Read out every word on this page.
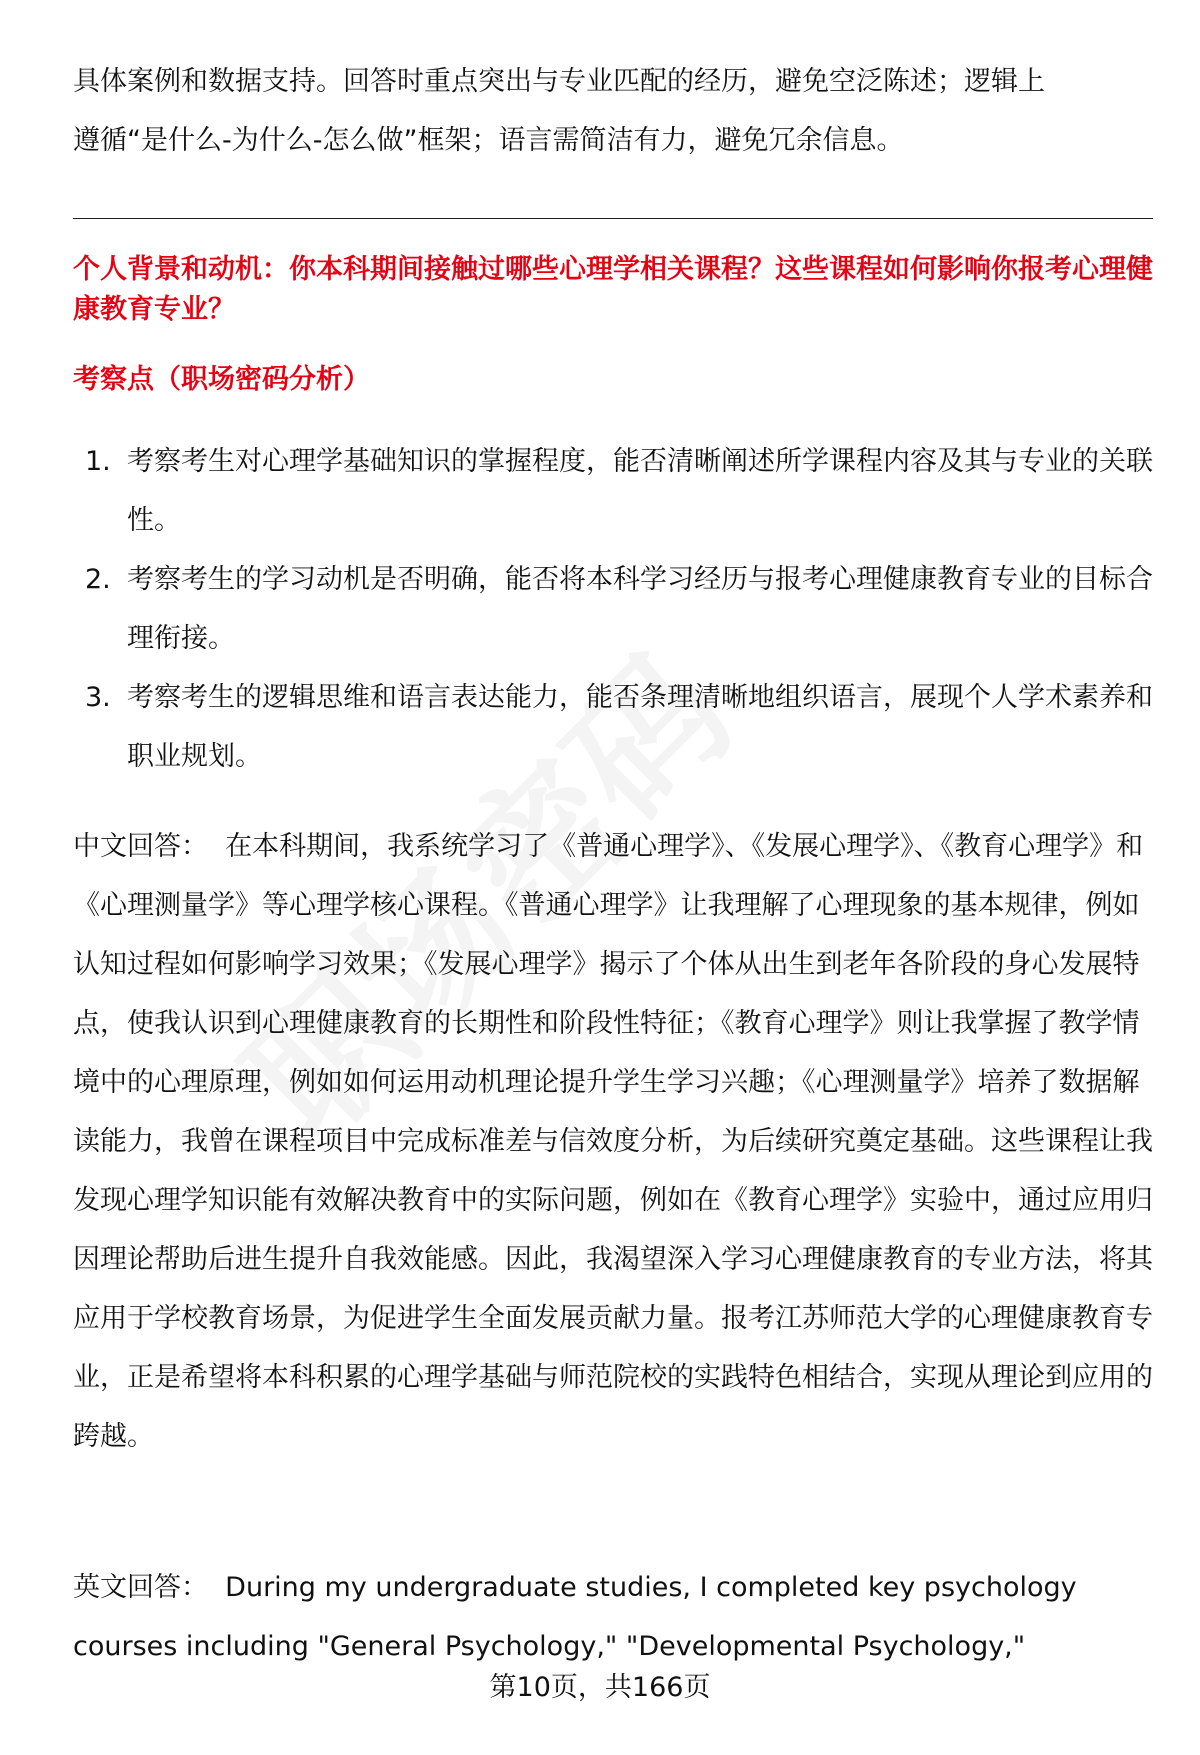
具体案例和数据支持。回答时重点突出与专业匹配的经历，避免空泛陈述；逻辑上
遵循“是什么-为什么-怎么做”框架；语言需简洁有力，避免冗余信息。
个人背景和动机：你本科期间接触过哪些心理学相关课程？这些课程如何影响你报考心理健康教育专业？
考察点（职场密码分析）
1. 考察考生对心理学基础知识的掌握程度，能否清晰阐述所学课程内容及其与专业的关联性。
2. 考察考生的学习动机是否明确，能否将本科学习经历与报考心理健康教育专业的目标合理衔接。
3. 考察考生的逻辑思维和语言表达能力，能否条理清晰地组织语言，展现个人学术素养和职业规划。
中文回答： 在本科期间，我系统学习了《普通心理学》、《发展心理学》、《教育心理学》和《心理测量学》等心理学核心课程。《普通心理学》让我理解了心理现象的基本规律，例如认知过程如何影响学习效果；《发展心理学》揭示了个体从出生到老年各阶段的身心发展特点，使我认识到心理健康教育的长期性和阶段性特征；《教育心理学》则让我掌握了教学情境中的心理原理，例如如何运用动机理论提升学生学习兴趣；《心理测量学》培养了数据解读能力，我曾在课程项目中完成标准差与信效度分析，为后续研究奠定基础。这些课程让我发现心理学知识能有效解决教育中的实际问题，例如在《教育心理学》实验中，通过应用归因理论帮助后进生提升自我效能感。因此，我渴望深入学习心理健康教育的专业方法，将其应用于学校教育场景，为促进学生全面发展贡献力量。报考江苏师范大学的心理健康教育专业，正是希望将本科积累的心理学基础与师范院校的实践特色相结合，实现从理论到应用的跨越。
英文回答： During my undergraduate studies, I completed key psychology courses including "General Psychology," "Developmental Psychology,"
第10页，共166页
